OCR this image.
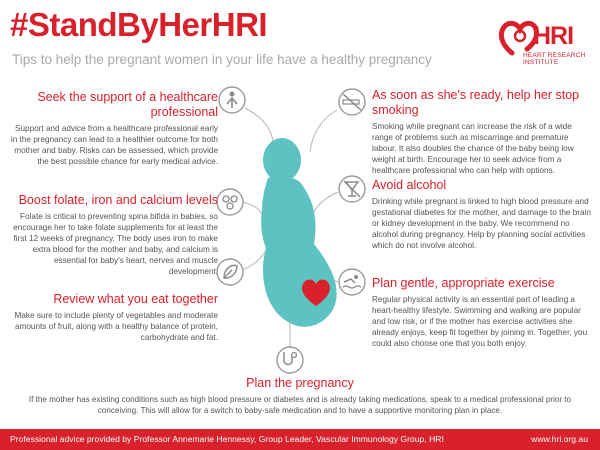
#StandByHerHRI

Tips to help the pregnant women in your life have a healthy pregnancy

HRI
HEART RESEARCH INSTITUTE
Seek the support of a healthcare
professional

Support and advice from a healthcare professional early in the pregnancy can lead to a healthier outcome for both mother and baby. Risks can be assessed, which provide the best possible chance for early medical advice.

Boost folate, iron and calcium levels

Folate is critical to preventing spina bifida in babies, so encourage her to take folate supplements for at least the first 12 weeks of pregnancy. The body uses iron to make extra blood for the mother and baby, and calcium is essential for baby's heart, nerves and muscle development.

Review what you eat together

Make sure to include plenty of vegetables and moderate amounts of fruit, along with a healthy balance of protein, carbohydrate and fat.

As soon as she's ready, help her stop smoking

Smoking while pregnant can increase the risk of a wide range of problems such as miscarriage and premature labour. It also doubles the chance of the baby being low weight at birth. Encourage her to seek advice from a healthcare professional who can help with options.

Avoid alcohol

Drinking while pregnant is linked to high blood pressure and gestational diabetes for the mother, and damage to the brain or kidney development in the baby. We recommend no alcohol during pregnancy. Help by planning social activities which do not involve alcohol.

Plan gentle, appropriate exercise

Regular physical activity is an essential part of leading a heart-healthy lifestyle. Swimming and walking are popular and low risk, or if the mother has exercise activities she already enjoys, keep fit together by joining in. Together, you could also choose one that you both enjoy.

Plan the pregnancy

If the mother has existing conditions such as high blood pressure or diabetes and is already taking medications, speak to a medical professional prior to conceiving. This will allow for a switch to baby-safe medication and to have a supportive monitoring plan in place.

Professional advice provided by Professor Annemarie Hennessy, Group Leader, Vascular Immunology Group, HRI	www.hri.org.au
